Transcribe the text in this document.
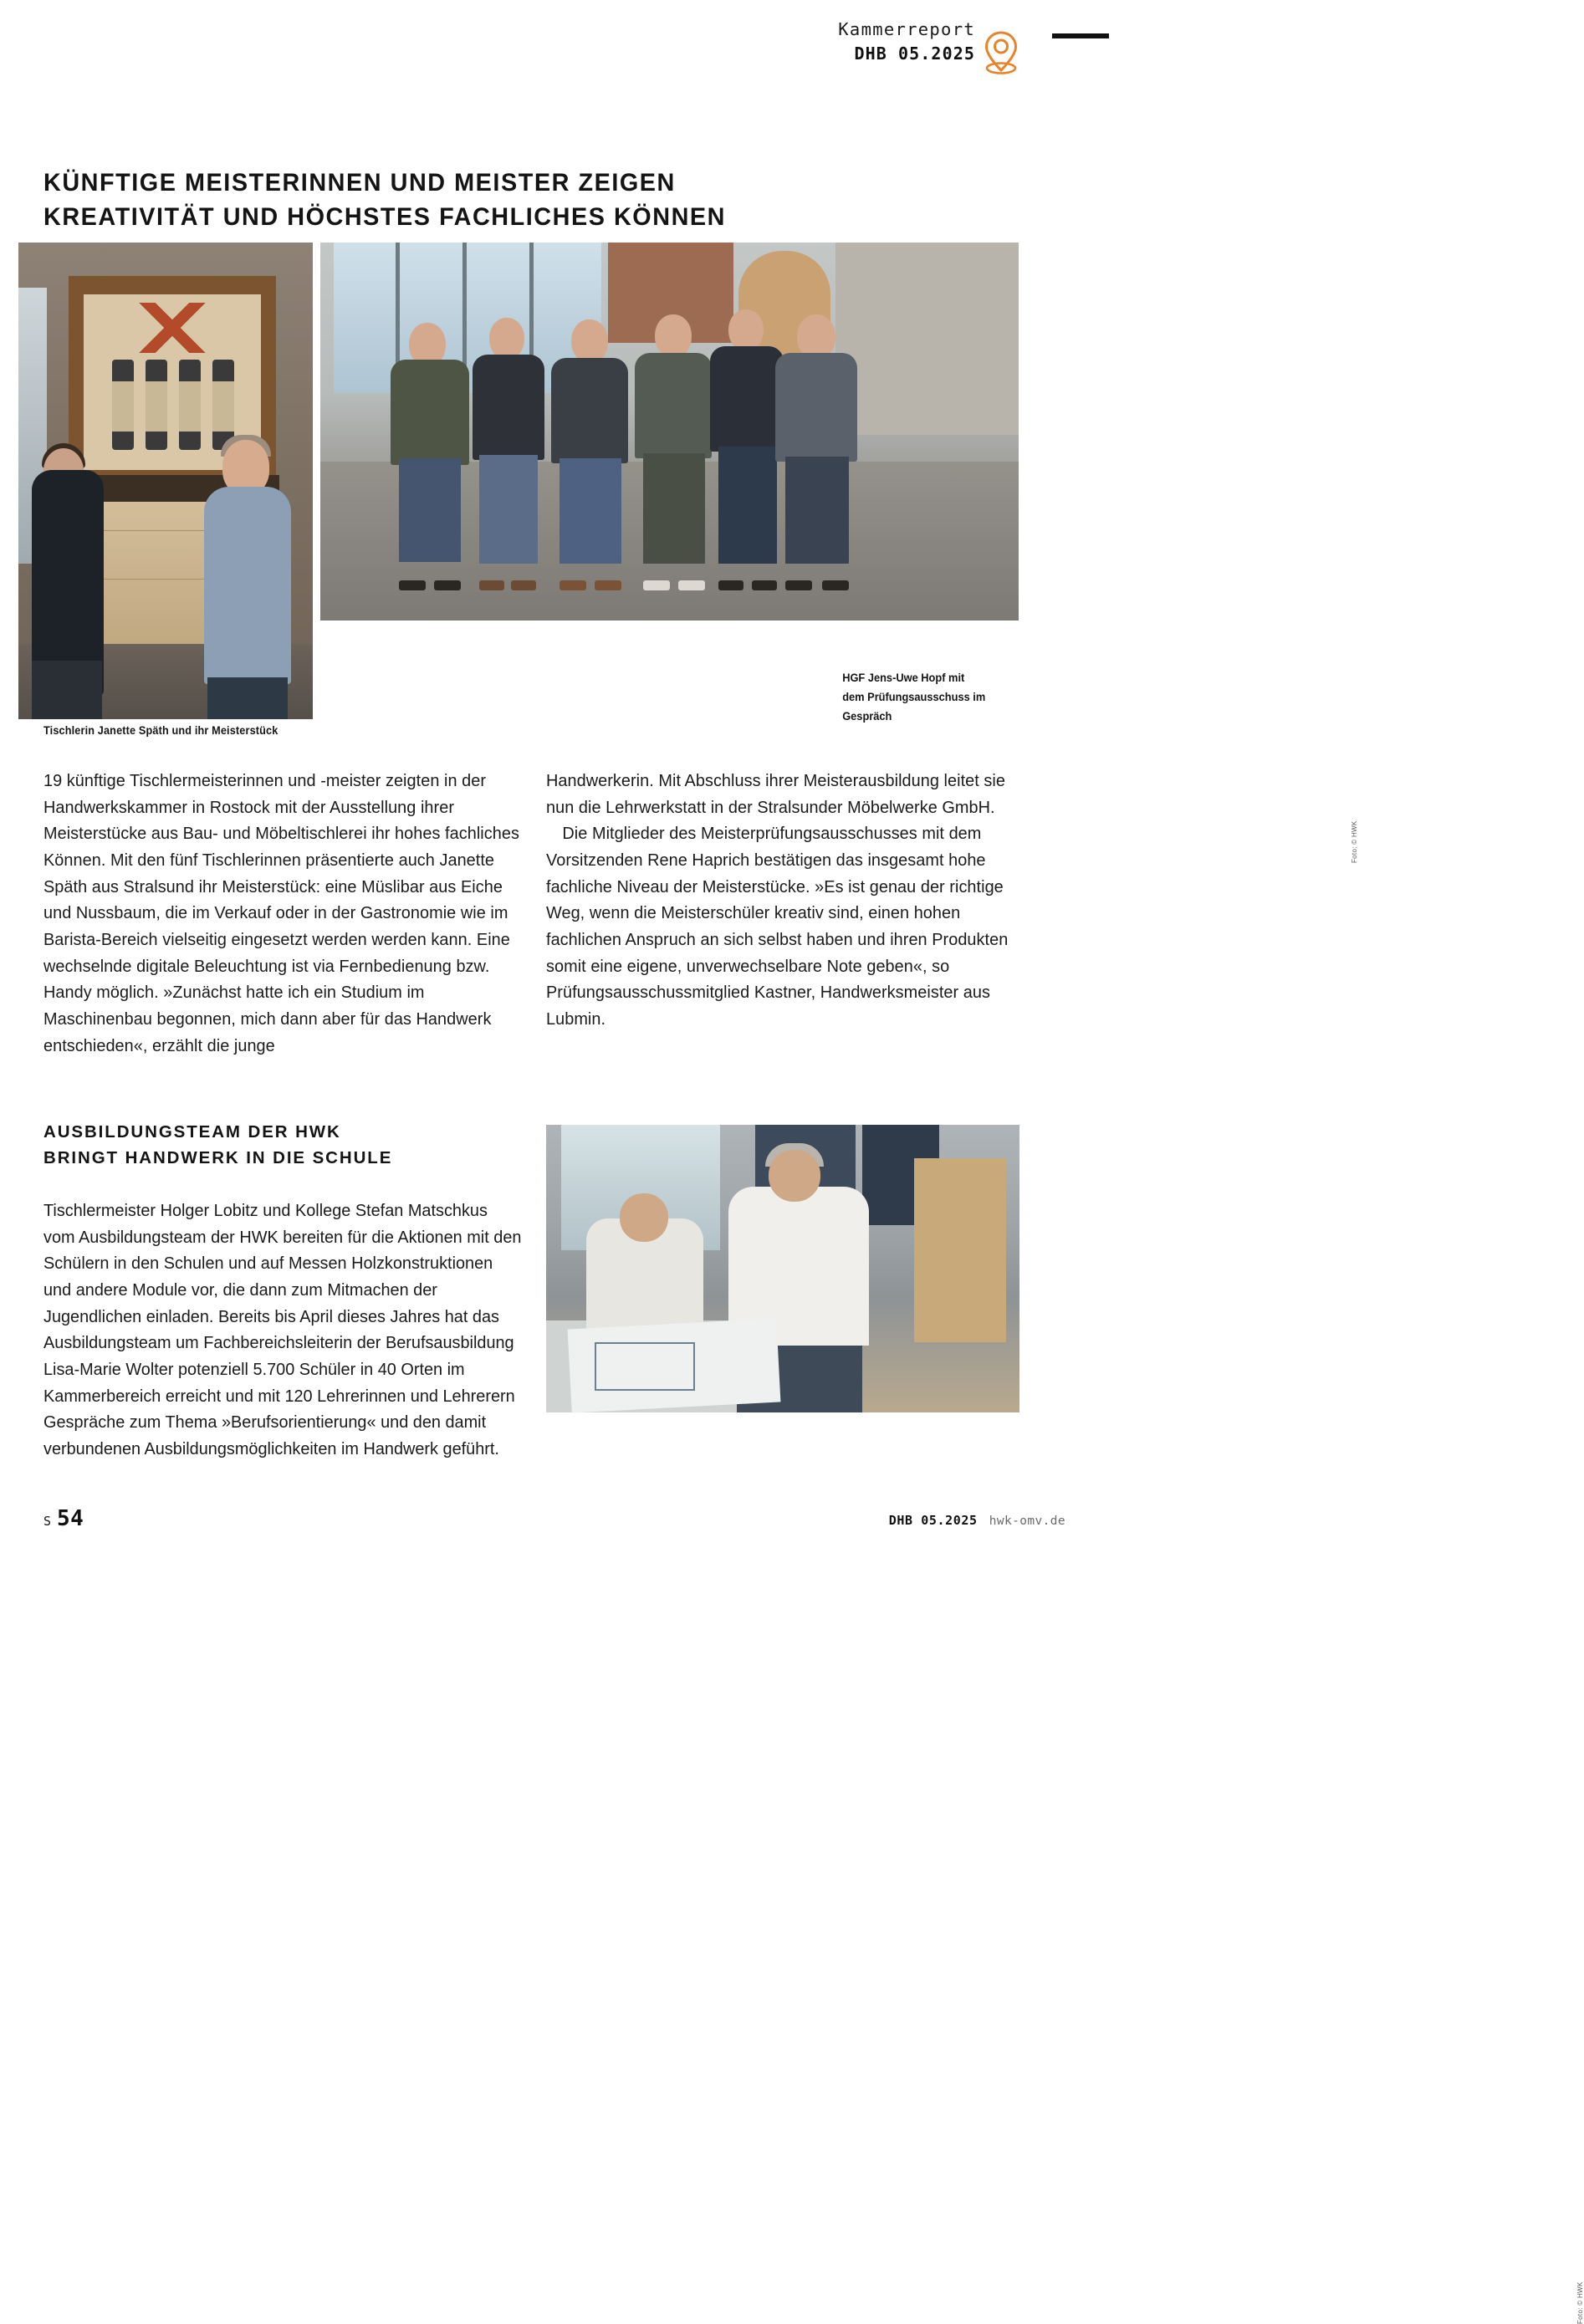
Kammerreport
DHB 05.2025
KÜNFTIGE MEISTERINNEN UND MEISTER ZEIGEN
KREATIVITÄT UND HÖCHSTES FACHLICHES KÖNNEN
Foto: © HWK
HGF Jens-Uwe Hopf mit
dem Prüfungsausschuss im
Gespräch
Tischlerin Janette Späth und ihr Meisterstück

19 künftige Tischlermeisterinnen und -meister zeigten in der Handwerkskammer in Rostock mit der Ausstellung ihrer Meisterstücke aus Bau- und Möbeltischlerei ihr hohes fachliches Können. Mit den fünf Tischlerinnen präsentierte auch Janette Späth aus Stralsund ihr Meisterstück: eine Müslibar aus Eiche und Nussbaum, die im Verkauf oder in der Gastronomie wie im Barista-Bereich vielseitig eingesetzt werden werden kann. Eine wechselnde digitale Beleuchtung ist via Fernbedienung bzw. Handy möglich. »Zunächst hatte ich ein Studium im Maschinenbau begonnen, mich dann aber für das Handwerk entschieden«, erzählt die junge

Handwerkerin. Mit Abschluss ihrer Meisterausbildung leitet sie nun die Lehrwerkstatt in der Stralsunder Möbelwerke GmbH.

Die Mitglieder des Meisterprüfungsausschusses mit dem Vorsitzenden Rene Haprich bestätigen das insgesamt hohe fachliche Niveau der Meisterstücke. »Es ist genau der richtige Weg, wenn die Meisterschüler kreativ sind, einen hohen fachlichen Anspruch an sich selbst haben und ihren Produkten somit eine eigene, unverwechselbare Note geben«, so Prüfungsausschussmitglied Kastner, Handwerksmeister aus Lubmin.

AUSBILDUNGSTEAM DER HWK
BRINGT HANDWERK IN DIE SCHULE

Tischlermeister Holger Lobitz und Kollege Stefan Matschkus vom Ausbildungsteam der HWK bereiten für die Aktionen mit den Schülern in den Schulen und auf Messen Holzkonstruktionen und andere Module vor, die dann zum Mitmachen der Jugendlichen einladen. Bereits bis April dieses Jahres hat das Ausbildungsteam um Fachbereichsleiterin der Berufsausbildung Lisa-Marie Wolter potenziell 5.700 Schüler in 40 Orten im Kammerbereich erreicht und mit 120 Lehrerinnen und Lehrerern Gespräche zum Thema »Berufsorientierung« und den damit verbundenen Ausbildungsmöglichkeiten im Handwerk geführt.

Foto: © HWK
S 54	DHB 05.2025 hwk-omv.de
